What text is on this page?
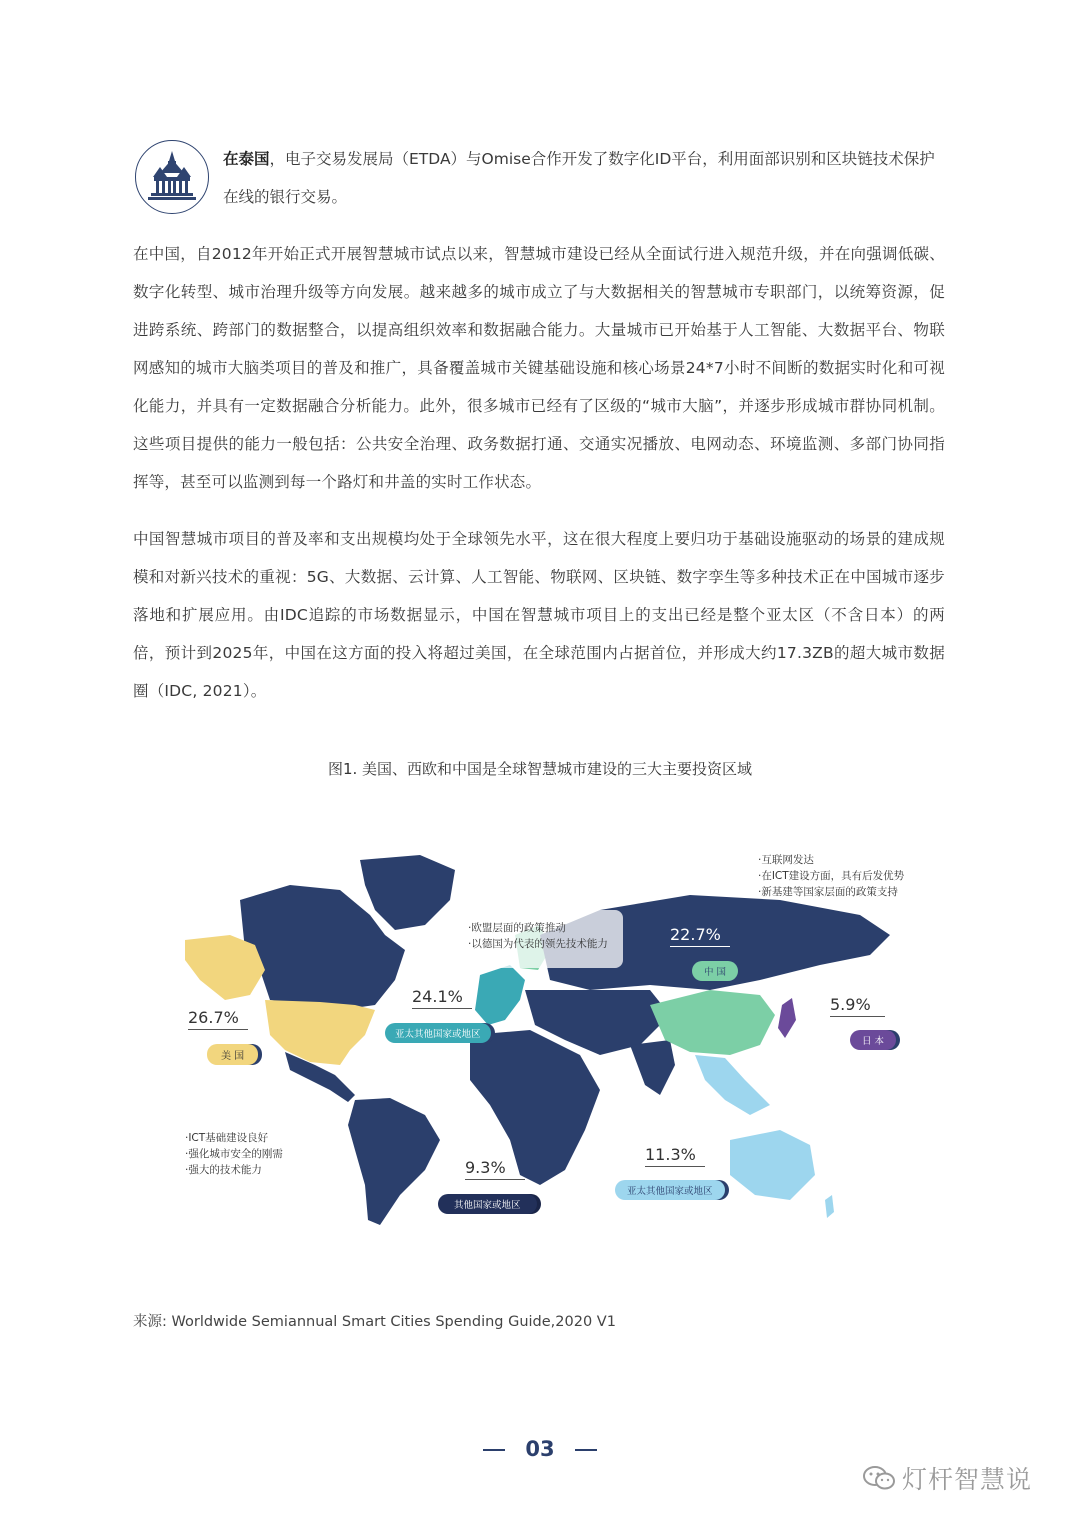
在泰国，电子交易发展局（ETDA）与Omise合作开发了数字化ID平台，利用面部识别和区块链技术保护在线的银行交易。

在中国，自2012年开始正式开展智慧城市试点以来，智慧城市建设已经从全面试行进入规范升级，并在向强调低碳、数字化转型、城市治理升级等方向发展。越来越多的城市成立了与大数据相关的智慧城市专职部门，以统筹资源，促进跨系统、跨部门的数据整合，以提高组织效率和数据融合能力。大量城市已开始基于人工智能、大数据平台、物联网感知的城市大脑类项目的普及和推广，具备覆盖城市关键基础设施和核心场景24*7小时不间断的数据实时化和可视化能力，并具有一定数据融合分析能力。此外，很多城市已经有了区级的“城市大脑”，并逐步形成城市群协同机制。这些项目提供的能力一般包括：公共安全治理、政务数据打通、交通实况播放、电网动态、环境监测、多部门协同指挥等，甚至可以监测到每一个路灯和井盖的实时工作状态。

中国智慧城市项目的普及率和支出规模均处于全球领先水平，这在很大程度上要归功于基础设施驱动的场景的建成规模和对新兴技术的重视：5G、大数据、云计算、人工智能、物联网、区块链、数字孪生等多种技术正在中国城市逐步落地和扩展应用。由IDC追踪的市场数据显示，中国在智慧城市项目上的支出已经是整个亚太区（不含日本）的两倍，预计到2025年，中国在这方面的投入将超过美国，在全球范围内占据首位，并形成大约17.3ZB的超大城市数据圈（IDC, 2021）。

图1. 美国、西欧和中国是全球智慧城市建设的三大主要投资区域
·欧盟层面的政策推动
·以德国为代表的领先技术能力
·互联网发达
·在ICT建设方面，具有后发优势
·新基建等国家层面的政策支持
·ICT基础建设良好
·强化城市安全的刚需
·强大的技术能力
26.7%
美 国
24.1%
亚太其他国家或地区
22.7%
中 国
5.9%
日 本
11.3%
亚太其他国家或地区
9.3%
其他国家或地区
来源: Worldwide Semiannual Smart Cities Spending Guide,2020 V1
03
灯杆智慧说
